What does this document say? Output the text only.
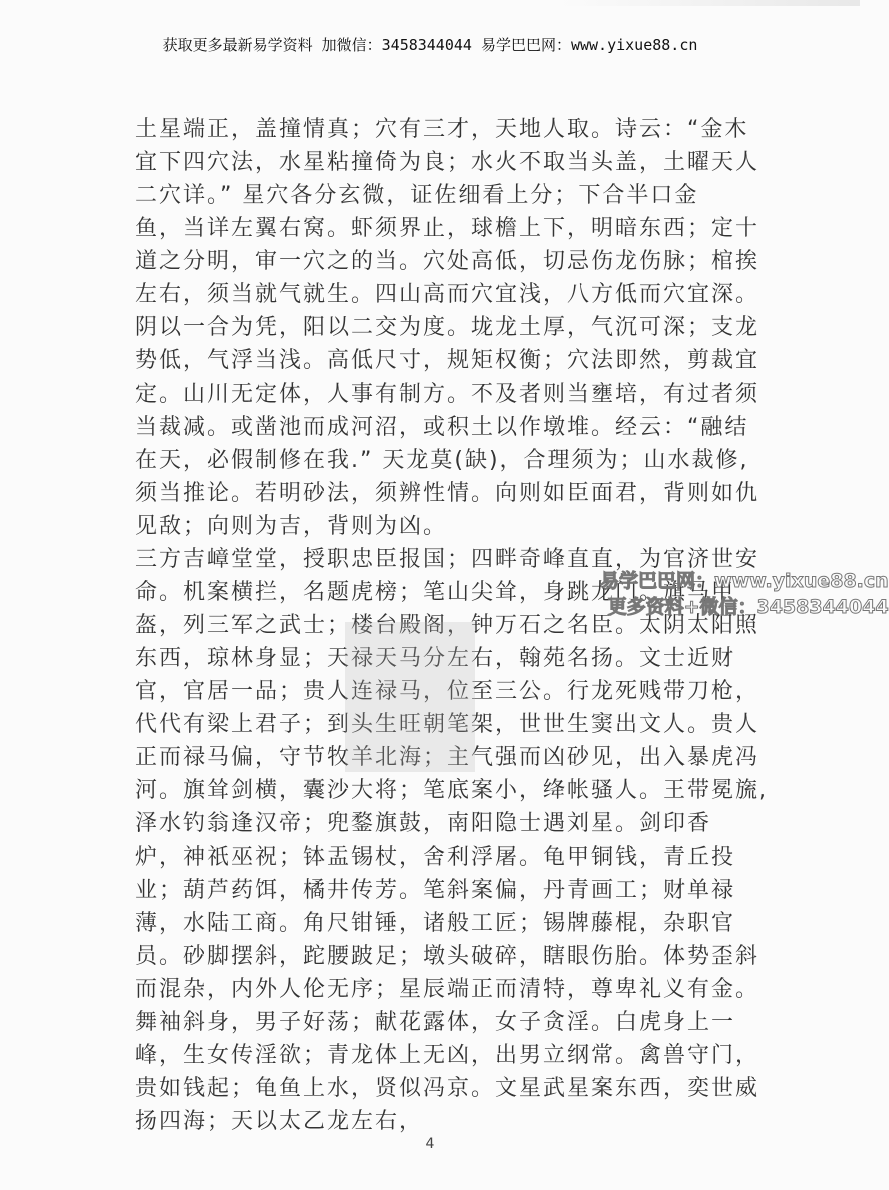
获取更多最新易学资料 加微信：3458344044 易学巴巴网：www.yixue88.cn
土星端正，盖撞情真；穴有三才，天地人取。诗云：“金木
宜下四穴法，水星粘撞倚为良；水火不取当头盖，土曜天人
二穴详。” 星穴各分玄微，证佐细看上分；下合半口金
鱼，当详左翼右窝。虾须界止，球檐上下，明暗东西；定十
道之分明，审一穴之的当。穴处高低，切忌伤龙伤脉；棺挨
左右，须当就气就生。四山高而穴宜浅，八方低而穴宜深。
阴以一合为凭，阳以二交为度。垅龙土厚，气沉可深；支龙
势低，气浮当浅。高低尺寸，规矩权衡；穴法即然，剪裁宜
定。山川无定体，人事有制方。不及者则当壅培，有过者须
当裁减。或凿池而成河沼，或积土以作墩堆。经云：“融结
在天，必假制修在我.” 天龙莫(缺)，合理须为；山水裁修,
须当推论。若明砂法，须辨性情。向则如臣面君，背则如仇
见敌；向则为吉，背则为凶。
三方吉嶂堂堂，授职忠臣报国；四畔奇峰直直，为官济世安
命。机案横拦，名题虎榜；笔山尖耸，身跳龙门。旗马甲
盔，列三军之武士；楼台殿阁，钟万石之名臣。太阴太阳照
东西，琼林身显；天禄天马分左右，翰苑名扬。文士近财
官，官居一品；贵人连禄马，位至三公。行龙死贱带刀枪，
代代有梁上君子；到头生旺朝笔架，世世生窦出文人。贵人
正而禄马偏，守节牧羊北海；主气强而凶砂见，出入暴虎冯
河。旗耸剑横，囊沙大将；笔底案小，绛帐骚人。王带冕旒,
泽水钓翁逢汉帝；兜鍪旗鼓，南阳隐士遇刘星。剑印香
炉，神祇巫祝；钵盂锡杖，舍利浮屠。龟甲铜钱，青丘投
业；葫芦药饵，橘井传芳。笔斜案偏，丹青画工；财单禄
薄，水陆工商。角尺钳锤，诸般工匠；锡牌藤棍，杂职官
员。砂脚摆斜，跎腰跛足；墩头破碎，瞎眼伤胎。体势歪斜
而混杂，内外人伦无序；星辰端正而清特，尊卑礼义有金。
舞袖斜身，男子好荡；献花露体，女子贪淫。白虎身上一
峰，生女传淫欲；青龙体上无凶，出男立纲常。禽兽守门，
贵如钱起；龟鱼上水，贤似冯京。文星武星案东西，奕世威
扬四海；天以太乙龙左右，
易学巴巴网：www.yixue88.cn
更多资料+微信：3458344044
4
